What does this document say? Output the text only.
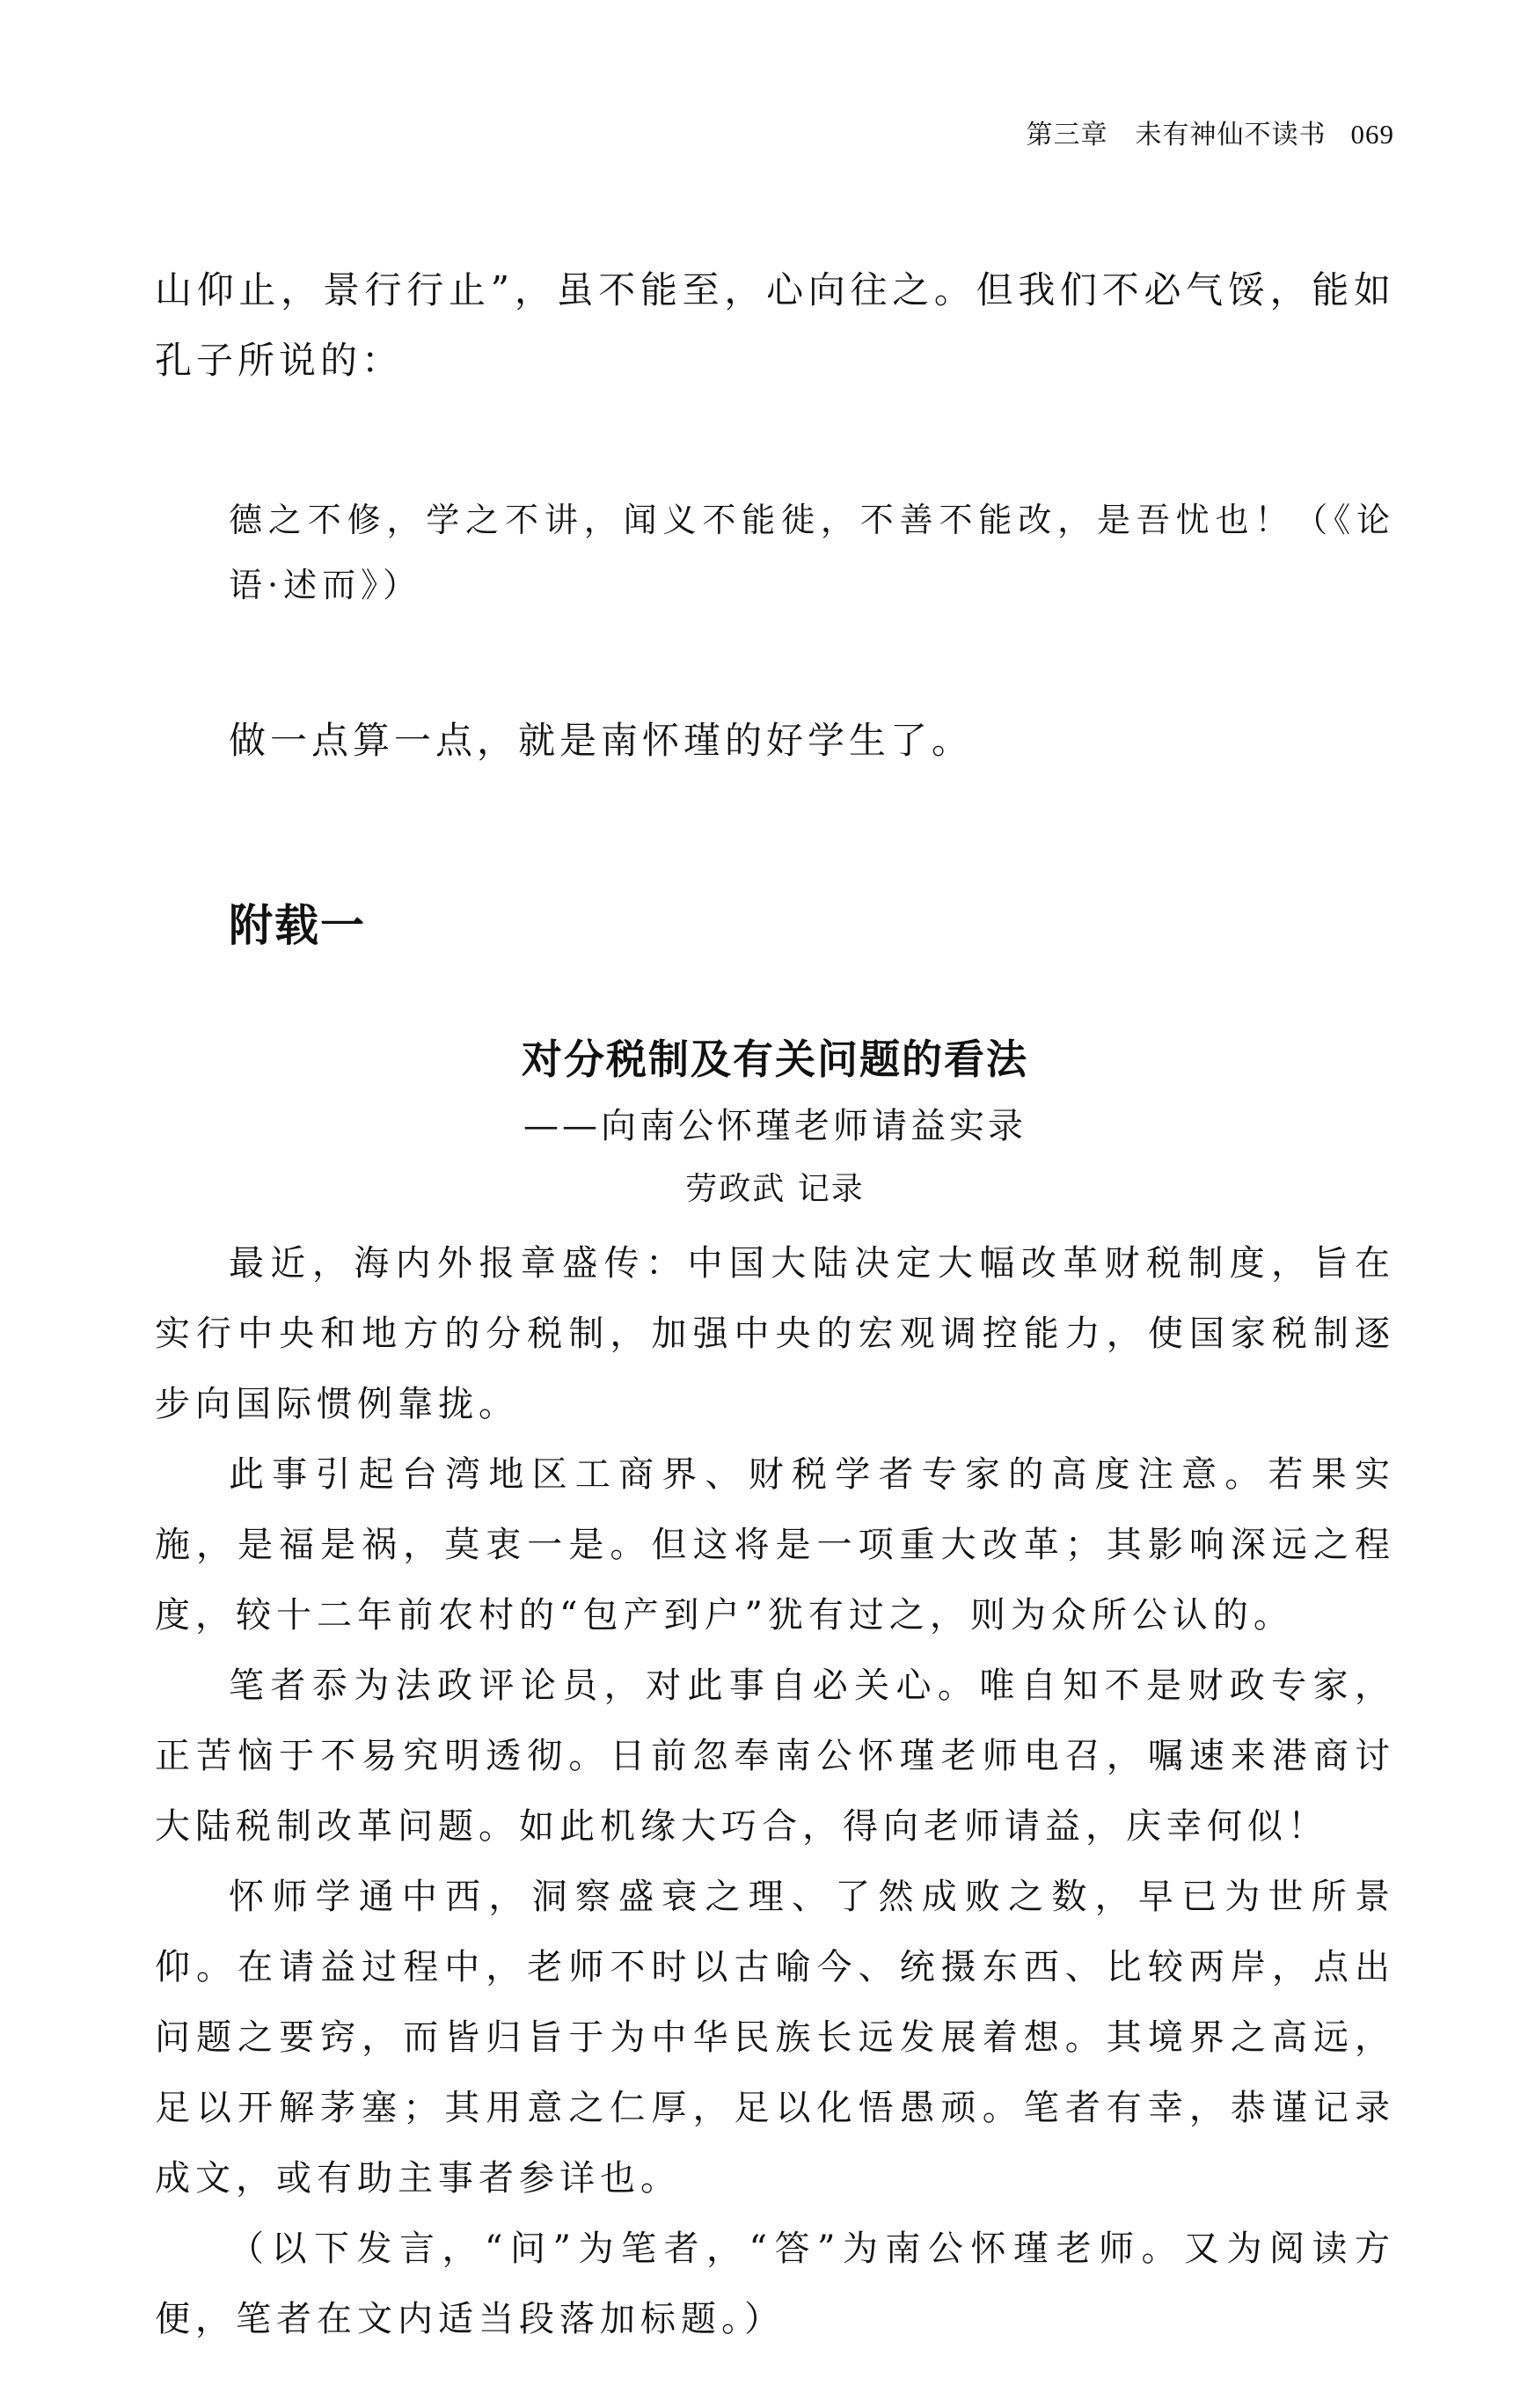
第三章　未有神仙不读书 069

山仰止，景行行止”，虽不能至，心向往之。但我们不必气馁，能如孔子所说的：

德之不修，学之不讲，闻义不能徙，不善不能改，是吾忧也！（《论语·述而》）

做一点算一点，就是南怀瑾的好学生了。

附载一
对分税制及有关问题的看法
——向南公怀瑾老师请益实录
劳政武 记录

最近，海内外报章盛传：中国大陆决定大幅改革财税制度，旨在实行中央和地方的分税制，加强中央的宏观调控能力，使国家税制逐步向国际惯例靠拢。

此事引起台湾地区工商界、财税学者专家的高度注意。若果实施，是福是祸，莫衷一是。但这将是一项重大改革；其影响深远之程度，较十二年前农村的“包产到户”犹有过之，则为众所公认的。

笔者忝为法政评论员，对此事自必关心。唯自知不是财政专家，正苦恼于不易究明透彻。日前忽奉南公怀瑾老师电召，嘱速来港商讨大陆税制改革问题。如此机缘大巧合，得向老师请益，庆幸何似！

怀师学通中西，洞察盛衰之理、了然成败之数，早已为世所景仰。在请益过程中，老师不时以古喻今、统摄东西、比较两岸，点出问题之要窍，而皆归旨于为中华民族长远发展着想。其境界之高远，足以开解茅塞；其用意之仁厚，足以化悟愚顽。笔者有幸，恭谨记录成文，或有助主事者参详也。

（以下发言，“问”为笔者，“答”为南公怀瑾老师。又为阅读方便，笔者在文内适当段落加标题。）
